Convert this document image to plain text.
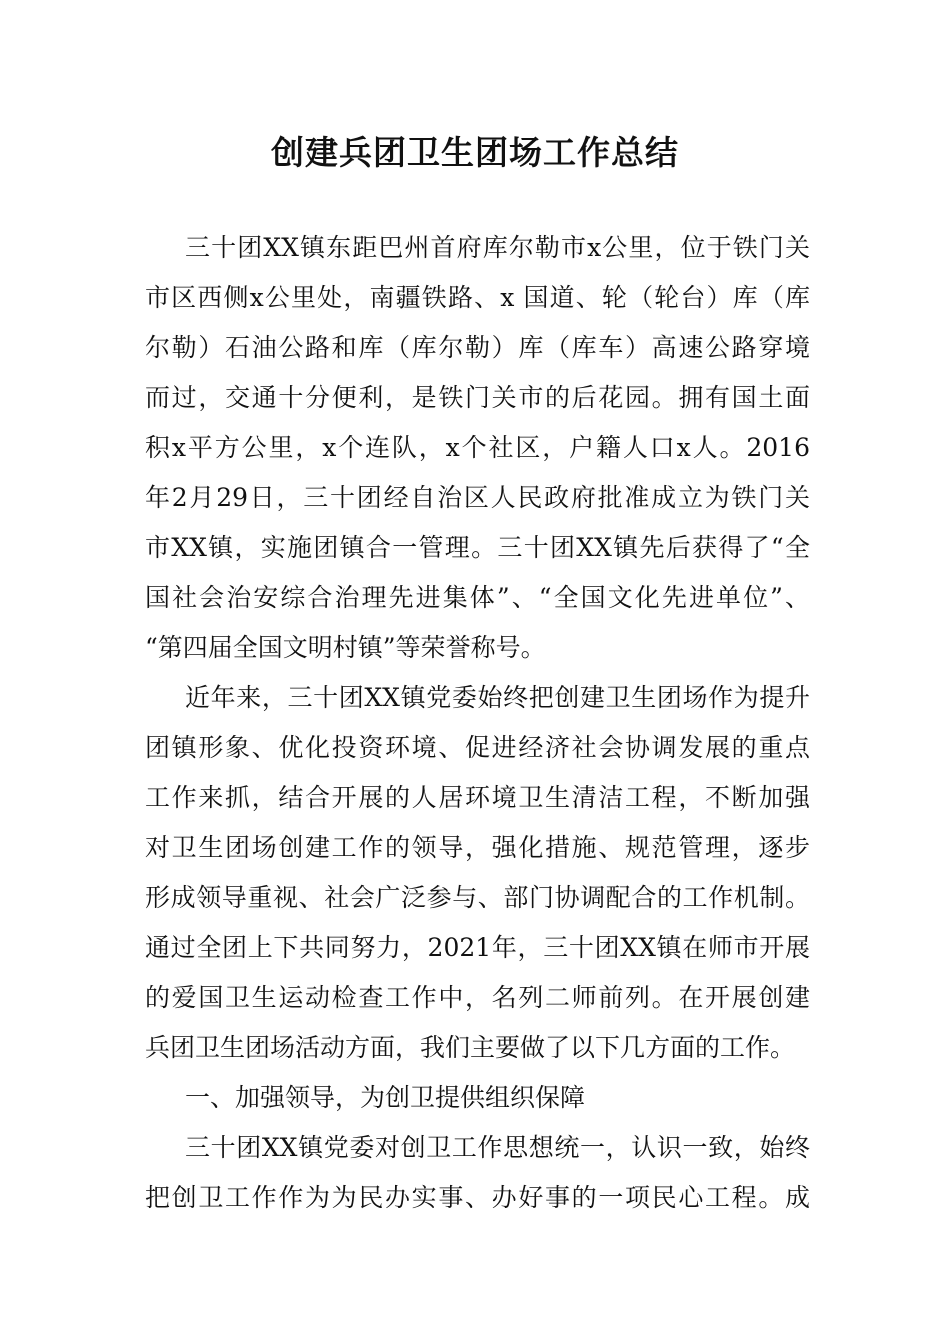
创建兵团卫生团场工作总结
三十团XX镇东距巴州首府库尔勒市x公里，位于铁门关
市区西侧x公里处，南疆铁路、x 国道、轮（轮台）库（库
尔勒）石油公路和库（库尔勒）库（库车）高速公路穿境
而过，交通十分便利，是铁门关市的后花园。拥有国土面
积x平方公里，x个连队，x个社区，户籍人口x人。2016
年2月29日，三十团经自治区人民政府批准成立为铁门关
市XX镇，实施团镇合一管理。三十团XX镇先后获得了“全
国社会治安综合治理先进集体”、“全国文化先进单位”、
“第四届全国文明村镇”等荣誉称号。
近年来，三十团XX镇党委始终把创建卫生团场作为提升
团镇形象、优化投资环境、促进经济社会协调发展的重点
工作来抓，结合开展的人居环境卫生清洁工程，不断加强
对卫生团场创建工作的领导，强化措施、规范管理，逐步
形成领导重视、社会广泛参与、部门协调配合的工作机制。
通过全团上下共同努力，2021年，三十团XX镇在师市开展
的爱国卫生运动检查工作中，名列二师前列。在开展创建
兵团卫生团场活动方面，我们主要做了以下几方面的工作。
一、加强领导，为创卫提供组织保障
三十团XX镇党委对创卫工作思想统一，认识一致，始终
把创卫工作作为为民办实事、办好事的一项民心工程。成
